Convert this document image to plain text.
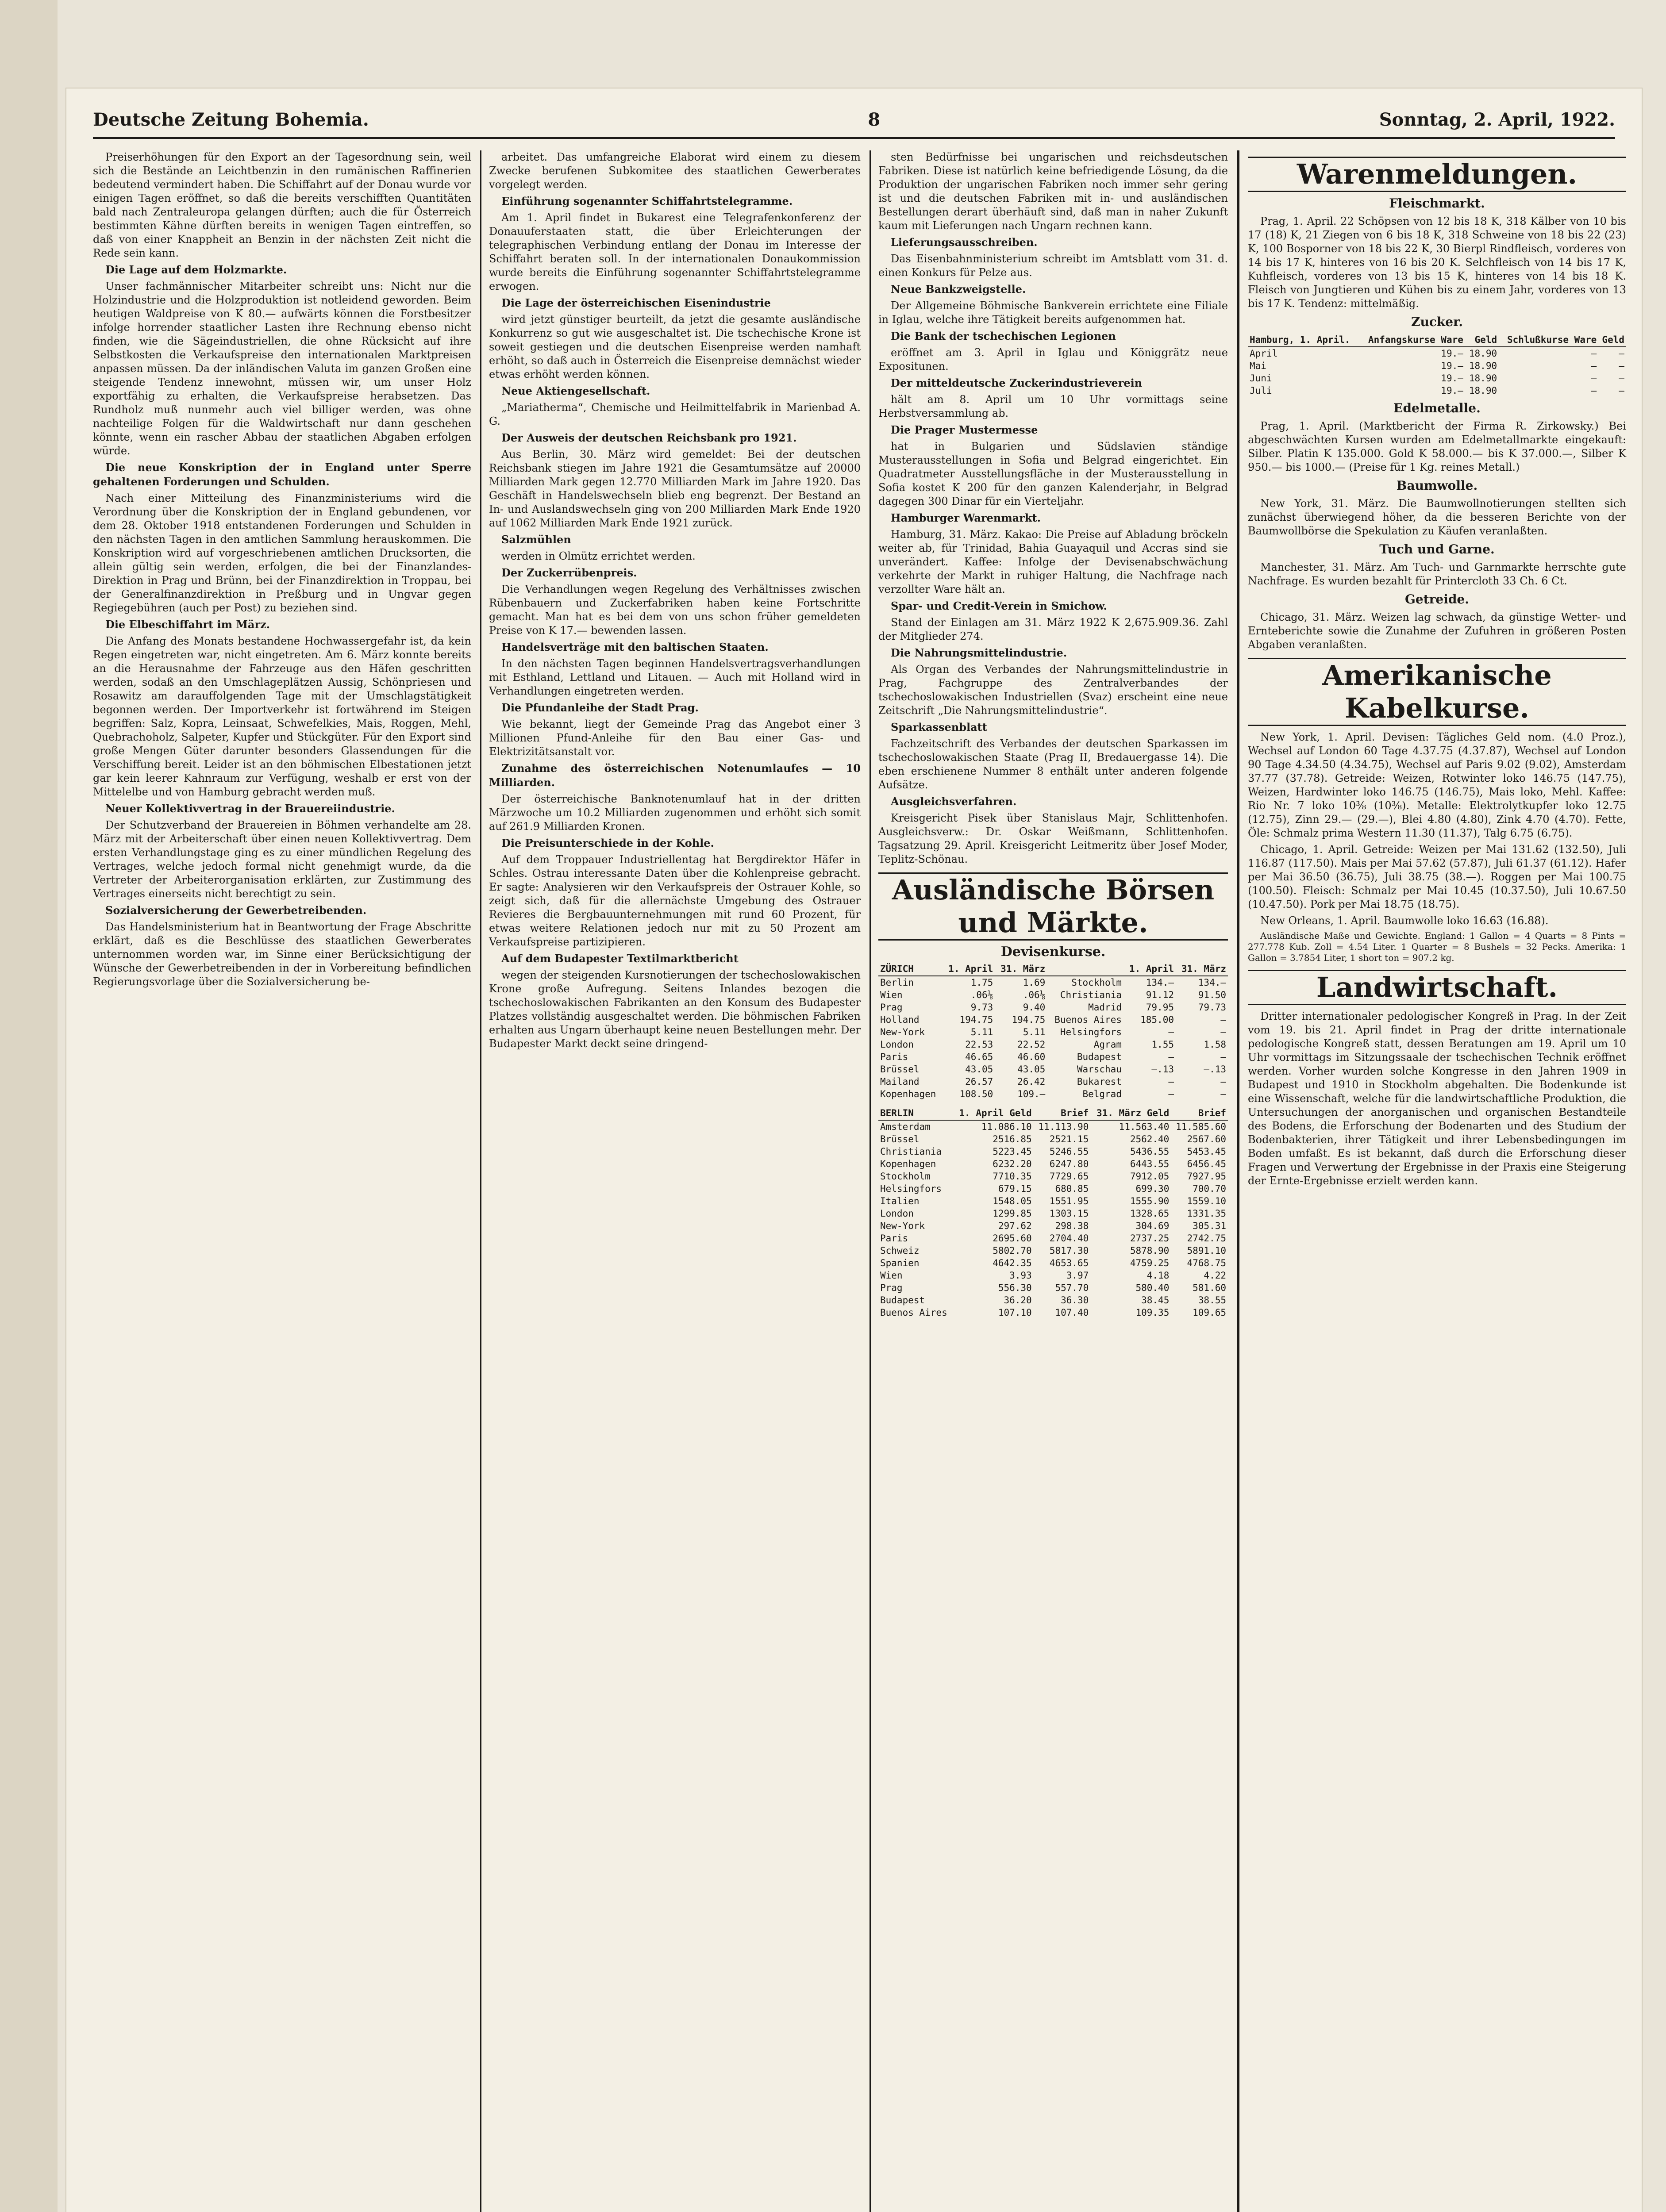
Deutsche Zeitung Bohemia.	8	Sonntag, 2. April, 1922.

Preiserhöhungen für den Export an der Tagesordnung sein, weil sich die Bestände an Leichtbenzin in den rumänischen Raffinerien bedeutend vermindert haben. Die Schiffahrt auf der Donau wurde vor einigen Tagen eröffnet, so daß die bereits verschifften Quantitäten bald nach Zentraleuropa gelangen dürften; auch die für Österreich bestimmten Kähne dürften bereits in wenigen Tagen eintreffen, so daß von einer Knappheit an Benzin in der nächsten Zeit nicht die Rede sein kann.

Die Lage auf dem Holzmarkte.

Unser fachmännischer Mitarbeiter schreibt uns: Nicht nur die Holzindustrie und die Holzproduktion ist notleidend geworden. Beim heutigen Waldpreise von K 80.— aufwärts können die Forstbesitzer infolge horrender staatlicher Lasten ihre Rechnung ebenso nicht finden, wie die Sägeindustriellen, die ohne Rücksicht auf ihre Selbstkosten die Verkaufspreise den internationalen Marktpreisen anpassen müssen. Da der inländischen Valuta im ganzen Großen eine steigende Tendenz innewohnt, müssen wir, um unser Holz exportfähig zu erhalten, die Verkaufspreise herabsetzen. Das Rundholz muß nunmehr auch viel billiger werden, was ohne nachteilige Folgen für die Waldwirtschaft nur dann geschehen könnte, wenn ein rascher Abbau der staatlichen Abgaben erfolgen würde.

Die neue Konskription der in England unter Sperre gehaltenen Forderungen und Schulden.

Nach einer Mitteilung des Finanzministeriums wird die Verordnung über die Konskription der in England gebundenen, vor dem 28. Oktober 1918 entstandenen Forderungen und Schulden in den nächsten Tagen in den amtlichen Sammlung herauskommen. Die Konskription wird auf vorgeschriebenen amtlichen Drucksorten, die allein gültig sein werden, erfolgen, die bei der Finanzlandes-Direktion in Prag und Brünn, bei der Finanzdirektion in Troppau, bei der Generalfinanzdirektion in Preßburg und in Ungvar gegen Regiegebühren (auch per Post) zu beziehen sind.

Die Elbeschiffahrt im März.

Die Anfang des Monats bestandene Hochwassergefahr ist, da kein Regen eingetreten war, nicht eingetreten. Am 6. März konnte bereits an die Herausnahme der Fahrzeuge aus den Häfen geschritten werden, sodaß an den Umschlageplätzen Aussig, Schönpriesen und Rosawitz am darauffolgenden Tage mit der Umschlagstätigkeit begonnen werden. Der Importverkehr ist fortwährend im Steigen begriffen: Salz, Kopra, Leinsaat, Schwefelkies, Mais, Roggen, Mehl, Quebrachoholz, Salpeter, Kupfer und Stückgüter. Für den Export sind große Mengen Güter darunter besonders Glassendungen für die Verschiffung bereit. Leider ist an den böhmischen Elbestationen jetzt gar kein leerer Kahnraum zur Verfügung, weshalb er erst von der Mittelelbe und von Hamburg gebracht werden muß.

Neuer Kollektivvertrag in der Brauereiindustrie.

Der Schutzverband der Brauereien in Böhmen verhandelte am 28. März mit der Arbeiterschaft über einen neuen Kollektivvertrag. Dem ersten Verhandlungstage ging es zu einer mündlichen Regelung des Vertrages, welche jedoch formal nicht genehmigt wurde, da die Vertreter der Arbeiterorganisation erklärten, zur Zustimmung des Vertrages einerseits nicht berechtigt zu sein.

Sozialversicherung der Gewerbetreibenden.

Das Handelsministerium hat in Beantwortung der Frage Abschritte erklärt, daß es die Beschlüsse des staatlichen Gewerberates unternommen worden war, im Sinne einer Berücksichtigung der Wünsche der Gewerbetreibenden in der in Vorbereitung befindlichen Regierungsvorlage über die Sozialversicherung be-

arbeitet. Das umfangreiche Elaborat wird einem zu diesem Zwecke berufenen Subkomitee des staatlichen Gewerberates vorgelegt werden.

Einführung sogenannter Schiffahrtstelegramme.

Am 1. April findet in Bukarest eine Telegrafenkonferenz der Donauuferstaaten statt, die über Erleichterungen der telegraphischen Verbindung entlang der Donau im Interesse der Schiffahrt beraten soll. In der internationalen Donaukommission wurde bereits die Einführung sogenannter Schiffahrtstelegramme erwogen.

Die Lage der österreichischen Eisenindustrie

wird jetzt günstiger beurteilt, da jetzt die gesamte ausländische Konkurrenz so gut wie ausgeschaltet ist. Die tschechische Krone ist soweit gestiegen und die deutschen Eisenpreise werden namhaft erhöht, so daß auch in Österreich die Eisenpreise demnächst wieder etwas erhöht werden können.

Neue Aktiengesellschaft.

„Mariatherma“, Chemische und Heilmittelfabrik in Marienbad A. G.

Der Ausweis der deutschen Reichsbank pro 1921.

Aus Berlin, 30. März wird gemeldet: Bei der deutschen Reichsbank stiegen im Jahre 1921 die Gesamtumsätze auf 20000 Milliarden Mark gegen 12.770 Milliarden Mark im Jahre 1920. Das Geschäft in Handelswechseln blieb eng begrenzt. Der Bestand an In- und Auslandswechseln ging von 200 Milliarden Mark Ende 1920 auf 1062 Milliarden Mark Ende 1921 zurück.

Salzmühlen

werden in Olmütz errichtet werden.

Der Zuckerrübenpreis.

Die Verhandlungen wegen Regelung des Verhältnisses zwischen Rübenbauern und Zuckerfabriken haben keine Fortschritte gemacht. Man hat es bei dem von uns schon früher gemeldeten Preise von K 17.— bewenden lassen.

Handelsverträge mit den baltischen Staaten.

In den nächsten Tagen beginnen Handelsvertragsverhandlungen mit Esthland, Lettland und Litauen. — Auch mit Holland wird in Verhandlungen eingetreten werden.

Die Pfundanleihe der Stadt Prag.

Wie bekannt, liegt der Gemeinde Prag das Angebot einer 3 Millionen Pfund-Anleihe für den Bau einer Gas- und Elektrizitätsanstalt vor.

Zunahme des österreichischen Notenumlaufes — 10 Milliarden.

Der österreichische Banknotenumlauf hat in der dritten Märzwoche um 10.2 Milliarden zugenommen und erhöht sich somit auf 261.9 Milliarden Kronen.

Die Preisunterschiede in der Kohle.

Auf dem Troppauer Industriellentag hat Bergdirektor Häfer in Schles. Ostrau interessante Daten über die Kohlenpreise gebracht. Er sagte: Analysieren wir den Verkaufspreis der Ostrauer Kohle, so zeigt sich, daß für die allernächste Umgebung des Ostrauer Revieres die Bergbauunternehmungen mit rund 60 Prozent, für etwas weitere Relationen jedoch nur mit zu 50 Prozent am Verkaufspreise partizipieren.

Auf dem Budapester Textilmarktbericht

wegen der steigenden Kursnotierungen der tschechoslowakischen Krone große Aufregung. Seitens Inlandes bezogen die tschechoslowakischen Fabrikanten an den Konsum des Budapester Platzes vollständig ausgeschaltet werden. Die böhmischen Fabriken erhalten aus Ungarn überhaupt keine neuen Bestellungen mehr. Der Budapester Markt deckt seine dringend-

sten Bedürfnisse bei ungarischen und reichsdeutschen Fabriken. Diese ist natürlich keine befriedigende Lösung, da die Produktion der ungarischen Fabriken noch immer sehr gering ist und die deutschen Fabriken mit in- und ausländischen Bestellungen derart überhäuft sind, daß man in naher Zukunft kaum mit Lieferungen nach Ungarn rechnen kann.

Lieferungsausschreiben.

Das Eisenbahnministerium schreibt im Amtsblatt vom 31. d. einen Konkurs für Pelze aus.

Neue Bankzweigstelle.

Der Allgemeine Böhmische Bankverein errichtete eine Filiale in Iglau, welche ihre Tätigkeit bereits aufgenommen hat.

Die Bank der tschechischen Legionen

eröffnet am 3. April in Iglau und Königgrätz neue Expositunen.

Der mitteldeutsche Zuckerindustrieverein

hält am 8. April um 10 Uhr vormittags seine Herbstversammlung ab.

Die Prager Mustermesse

hat in Bulgarien und Südslavien ständige Musterausstellungen in Sofia und Belgrad eingerichtet. Ein Quadratmeter Ausstellungsfläche in der Musterausstellung in Sofia kostet K 200 für den ganzen Kalenderjahr, in Belgrad dagegen 300 Dinar für ein Vierteljahr.

Hamburger Warenmarkt.

Hamburg, 31. März. Kakao: Die Preise auf Abladung bröckeln weiter ab, für Trinidad, Bahia Guayaquil und Accras sind sie unverändert. Kaffee: Infolge der Devisenabschwächung verkehrte der Markt in ruhiger Haltung, die Nachfrage nach verzollter Ware hält an.

Spar- und Credit-Verein in Smichow.

Stand der Einlagen am 31. März 1922 K 2,675.909.36. Zahl der Mitglieder 274.

Die Nahrungsmittelindustrie.

Als Organ des Verbandes der Nahrungsmittelindustrie in Prag, Fachgruppe des Zentralverbandes der tschechoslowakischen Industriellen (Svaz) erscheint eine neue Zeitschrift „Die Nahrungsmittelindustrie“.

Sparkassenblatt

Fachzeitschrift des Verbandes der deutschen Sparkassen im tschechoslowakischen Staate (Prag II, Bredauergasse 14). Die eben erschienene Nummer 8 enthält unter anderen folgende Aufsätze.

Ausgleichsverfahren.

Kreisgericht Pisek über Stanislaus Majr, Schlittenhofen. Ausgleichsverw.: Dr. Oskar Weißmann, Schlittenhofen. Tagsatzung 29. April. Kreisgericht Leitmeritz über Josef Moder, Teplitz-Schönau.

Ausländische Börsen und Märkte.
Devisenkurse.
ZÜRICH	1. April	31. März		1. April	31. März
Berlin	1.75	1.69	Stockholm	134.—	134.—
Wien	.06⅛	.06⅛	Christiania	91.12	91.50
Prag	9.73	9.40	Madrid	79.95	79.73
Holland	194.75	194.75	Buenos Aires	185.00	—
New-York	5.11	5.11	Helsingfors	—	—
London	22.53	22.52	Agram	1.55	1.58
Paris	46.65	46.60	Budapest	—	—
Brüssel	43.05	43.05	Warschau	—.13	—.13
Mailand	26.57	26.42	Bukarest	—	—
Kopenhagen	108.50	109.—	Belgrad	—	—
BERLIN	1. April Geld	Brief	31. März Geld	Brief
Amsterdam	11.086.10	11.113.90	11.563.40	11.585.60
Brüssel	2516.85	2521.15	2562.40	2567.60
Christiania	5223.45	5246.55	5436.55	5453.45
Kopenhagen	6232.20	6247.80	6443.55	6456.45
Stockholm	7710.35	7729.65	7912.05	7927.95
Helsingfors	679.15	680.85	699.30	700.70
Italien	1548.05	1551.95	1555.90	1559.10
London	1299.85	1303.15	1328.65	1331.35
New-York	297.62	298.38	304.69	305.31
Paris	2695.60	2704.40	2737.25	2742.75
Schweiz	5802.70	5817.30	5878.90	5891.10
Spanien	4642.35	4653.65	4759.25	4768.75
Wien	3.93	3.97	4.18	4.22
Prag	556.30	557.70	580.40	581.60
Budapest	36.20	36.30	38.45	38.55
Buenos Aires	107.10	107.40	109.35	109.65
Warenmeldungen.
Fleischmarkt.

Prag, 1. April. 22 Schöpsen von 12 bis 18 K, 318 Kälber von 10 bis 17 (18) K, 21 Ziegen von 6 bis 18 K, 318 Schweine von 18 bis 22 (23) K, 100 Bosporner von 18 bis 22 K, 30 Bierpl Rindfleisch, vorderes von 14 bis 17 K, hinteres von 16 bis 20 K. Selchfleisch von 14 bis 17 K, Kuhfleisch, vorderes von 13 bis 15 K, hinteres von 14 bis 18 K. Fleisch von Jungtieren und Kühen bis zu einem Jahr, vorderes von 13 bis 17 K. Tendenz: mittelmäßig.

Zucker.
Hamburg, 1. April.	Anfangskurse Ware	Geld	Schlußkurse Ware	Geld
April	19.—	18.90	—	—
Mai	19.—	18.90	—	—
Juni	19.—	18.90	—	—
Juli	19.—	18.90	—	—
Edelmetalle.

Prag, 1. April. (Marktbericht der Firma R. Zirkowsky.) Bei abgeschwächten Kursen wurden am Edelmetallmarkte eingekauft: Silber. Platin K 135.000. Gold K 58.000.— bis K 37.000.—, Silber K 950.— bis 1000.— (Preise für 1 Kg. reines Metall.)

Baumwolle.

New York, 31. März. Die Baumwollnotierungen stellten sich zunächst überwiegend höher, da die besseren Berichte von der Baumwollbörse die Spekulation zu Käufen veranlaßten.

Tuch und Garne.

Manchester, 31. März. Am Tuch- und Garnmarkte herrschte gute Nachfrage. Es wurden bezahlt für Printercloth 33 Ch. 6 Ct.

Getreide.

Chicago, 31. März. Weizen lag schwach, da günstige Wetter- und Ernteberichte sowie die Zunahme der Zufuhren in größeren Posten Abgaben veranlaßten.

Amerikanische Kabelkurse.

New York, 1. April. Devisen: Tägliches Geld nom. (4.0 Proz.), Wechsel auf London 60 Tage 4.37.75 (4.37.87), Wechsel auf London 90 Tage 4.34.50 (4.34.75), Wechsel auf Paris 9.02 (9.02), Amsterdam 37.77 (37.78). Getreide: Weizen, Rotwinter loko 146.75 (147.75), Weizen, Hardwinter loko 146.75 (146.75), Mais loko, Mehl. Kaffee: Rio Nr. 7 loko 10⅜ (10⅜). Metalle: Elektrolytkupfer loko 12.75 (12.75), Zinn 29.— (29.—), Blei 4.80 (4.80), Zink 4.70 (4.70). Fette, Öle: Schmalz prima Western 11.30 (11.37), Talg 6.75 (6.75).

Chicago, 1. April. Getreide: Weizen per Mai 131.62 (132.50), Juli 116.87 (117.50). Mais per Mai 57.62 (57.87), Juli 61.37 (61.12). Hafer per Mai 36.50 (36.75), Juli 38.75 (38.—). Roggen per Mai 100.75 (100.50). Fleisch: Schmalz per Mai 10.45 (10.37.50), Juli 10.67.50 (10.47.50). Pork per Mai 18.75 (18.75).

New Orleans, 1. April. Baumwolle loko 16.63 (16.88).

Ausländische Maße und Gewichte. England: 1 Gallon = 4 Quarts = 8 Pints = 277.778 Kub. Zoll = 4.54 Liter. 1 Quarter = 8 Bushels = 32 Pecks. Amerika: 1 Gallon = 3.7854 Liter, 1 short ton = 907.2 kg.

Landwirtschaft.

Dritter internationaler pedologischer Kongreß in Prag. In der Zeit vom 19. bis 21. April findet in Prag der dritte internationale pedologische Kongreß statt, dessen Beratungen am 19. April um 10 Uhr vormittags im Sitzungssaale der tschechischen Technik eröffnet werden. Vorher wurden solche Kongresse in den Jahren 1909 in Budapest und 1910 in Stockholm abgehalten. Die Bodenkunde ist eine Wissenschaft, welche für die landwirtschaftliche Produktion, die Untersuchungen der anorganischen und organischen Bestandteile des Bodens, die Erforschung der Bodenarten und des Studium der Bodenbakterien, ihrer Tätigkeit und ihrer Lebensbedingungen im Boden umfaßt. Es ist bekannt, daß durch die Erforschung dieser Fragen und Verwertung der Ergebnisse in der Praxis eine Steigerung der Ernte-Ergebnisse erzielt werden kann.
